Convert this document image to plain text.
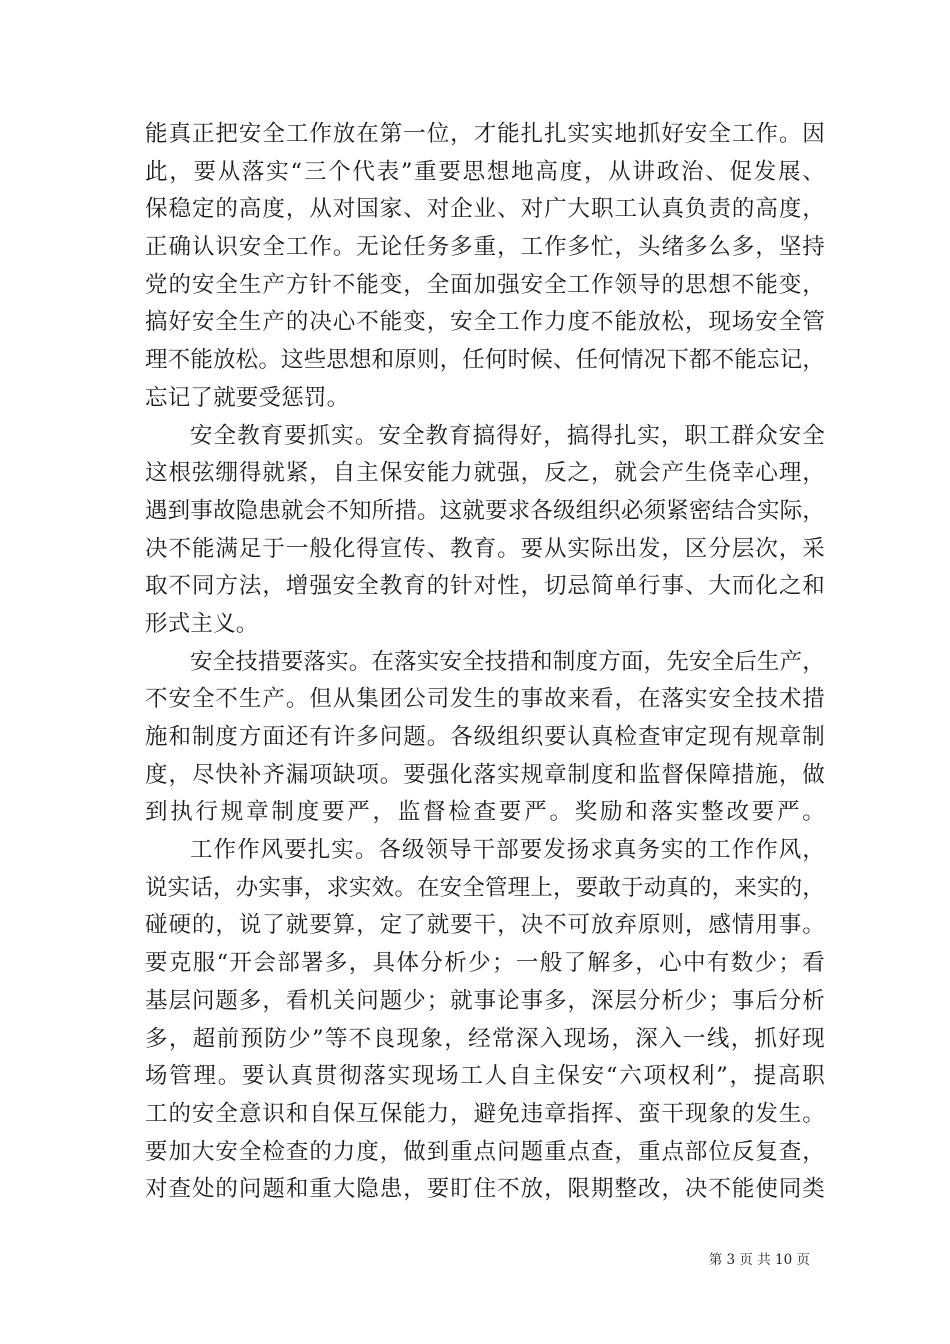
能真正把安全工作放在第一位，才能扎扎实实地抓好安全工作。因
此，要从落实“三个代表”重要思想地高度，从讲政治、促发展、
保稳定的高度，从对国家、对企业、对广大职工认真负责的高度，
正确认识安全工作。无论任务多重，工作多忙，头绪多么多，坚持
党的安全生产方针不能变，全面加强安全工作领导的思想不能变，
搞好安全生产的决心不能变，安全工作力度不能放松，现场安全管
理不能放松。这些思想和原则，任何时候、任何情况下都不能忘记，
忘记了就要受惩罚。
安全教育要抓实。安全教育搞得好，搞得扎实，职工群众安全
这根弦绷得就紧，自主保安能力就强，反之，就会产生侥幸心理，
遇到事故隐患就会不知所措。这就要求各级组织必须紧密结合实际，
决不能满足于一般化得宣传、教育。要从实际出发，区分层次，采
取不同方法，增强安全教育的针对性，切忌简单行事、大而化之和
形式主义。
安全技措要落实。在落实安全技措和制度方面，先安全后生产，
不安全不生产。但从集团公司发生的事故来看，在落实安全技术措
施和制度方面还有许多问题。各级组织要认真检查审定现有规章制
度，尽快补齐漏项缺项。要强化落实规章制度和监督保障措施，做
到执行规章制度要严，监督检查要严。奖励和落实整改要严。
工作作风要扎实。各级领导干部要发扬求真务实的工作作风，
说实话，办实事，求实效。在安全管理上，要敢于动真的，来实的，
碰硬的，说了就要算，定了就要干，决不可放弃原则，感情用事。
要克服“开会部署多，具体分析少；一般了解多，心中有数少；看
基层问题多，看机关问题少；就事论事多，深层分析少；事后分析
多，超前预防少”等不良现象，经常深入现场，深入一线，抓好现
场管理。要认真贯彻落实现场工人自主保安“六项权利”，提高职
工的安全意识和自保互保能力，避免违章指挥、蛮干现象的发生。
要加大安全检查的力度，做到重点问题重点查，重点部位反复查，
对查处的问题和重大隐患，要盯住不放，限期整改，决不能使同类
第 3 页 共 10 页
